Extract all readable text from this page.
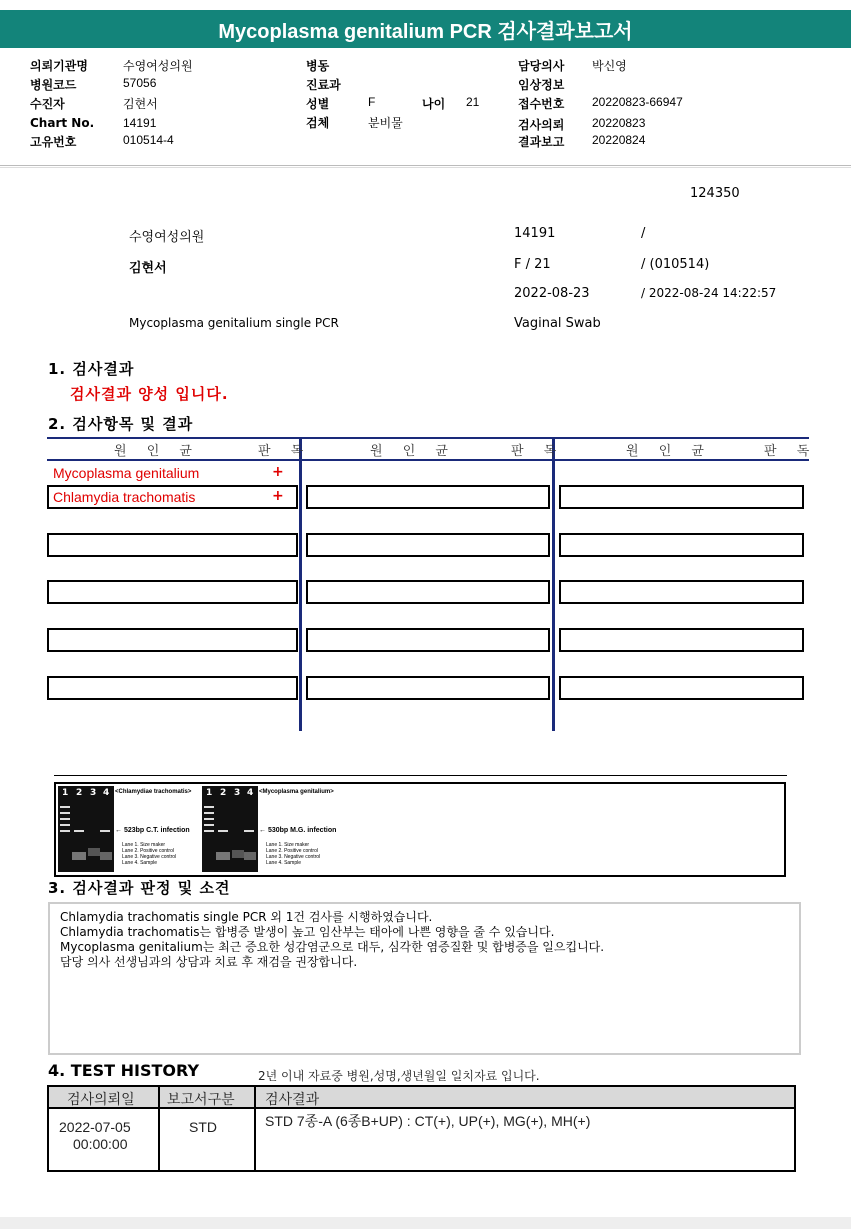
Mycoplasma genitalium PCR 검사결과보고서
의뢰기관명	수영여성의원
병원코드	57056
수진자	김현서
Chart No. 14191
고유번호	010514-4
병동
진료과
성별	F	나이 21
검체	분비물
담당의사 박신영
임상정보
접수번호 20220823-66947
검사의뢰 20220823
결과보고 20220824
124350
수영여성의원	14191	/
김현서	F / 21	/ (010514)
2022-08-23	/ 2022-08-24 14:22:57
Mycoplasma genitalium single PCR	Vaginal Swab
1. 검사결과
검사결과 양성 입니다.
2. 검사항목 및 결과
원 인 균	판 독	원 인 균	판 독	원 인 균	판 독
Mycoplasma genitalium	+
Chlamydia trachomatis	+
1 2 3 4 <Chlamydiae trachomatis>
← 523bp C.T. infection
Lane 1. Size maker
Lane 2. Positive control
Lane 3. Negative control
Lane 4. Sample
1 2 3 4 <Mycoplasma genitalium>
← 530bp M.G. infection
Lane 1. Size maker
Lane 2. Positive control
Lane 3. Negative control
Lane 4. Sample
3. 검사결과 판정 및 소견
Chlamydia trachomatis single PCR 외 1건 검사를 시행하였습니다.
Chlamydia trachomatis는 합병증 발생이 높고 임산부는 태아에 나쁜 영향을 줄 수 있습니다.
Mycoplasma genitalium는 최근 증요한 성감염군으로 대두, 심각한 염증질환 및 합병증을 일으킵니다.
담당 의사 선생님과의 상담과 치료 후 재검을 권장합니다.
4. TEST HISTORY	2년 이내 자료중 병원,성명,생년월일 일치자료 입니다.
검사의뢰일 보고서구분 검사결과
2022-07-05
00:00:00
STD	STD 7종-A (6종B+UP) : CT(+), UP(+), MG(+), MH(+)
